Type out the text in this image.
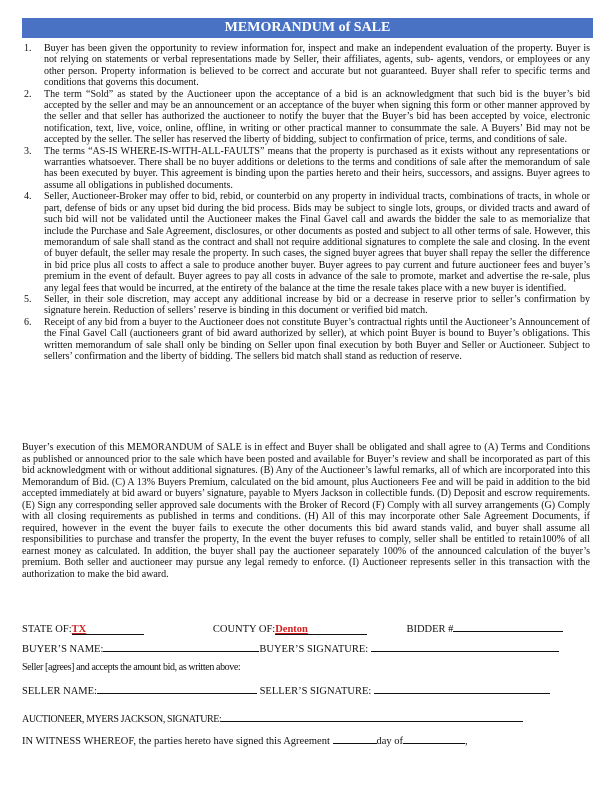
MEMORANDUM of SALE
1.	Buyer has been given the opportunity to review information for, inspect and make an independent evaluation of the property. Buyer is not relying on statements or verbal representations made by Seller, their affiliates, agents, sub- agents, vendors, or employees or any other person. Property information is believed to be correct and accurate but not guaranteed. Buyer shall refer to specific terms and conditions that governs this document.
2.	The term “Sold” as stated by the Auctioneer upon the acceptance of a bid is an acknowledgment that such bid is the buyer’s bid accepted by the seller and may be an announcement or an acceptance of the buyer when signing this form or other manner approved by the seller and that seller has authorized the auctioneer to notify the buyer that the Buyer’s bid has been accepted by voice, electronic notification, text, live, voice, online, offline, in writing or other practical manner to consummate the sale. A Buyers’ Bid may not be accepted by the seller. The seller has reserved the liberty of bidding, subject to confirmation of price, terms, and conditions of sale.
3.	The terms “AS-IS WHERE-IS-WITH-ALL-FAULTS” means that the property is purchased as it exists without any representations or warranties whatsoever. There shall be no buyer additions or deletions to the terms and conditions of sale after the memorandum of sale has been executed by buyer. This agreement is binding upon the parties hereto and their heirs, successors, and assigns. Buyer agrees to assume all obligations in published documents.
4.	Seller, Auctioneer-Broker may offer to bid, rebid, or counterbid on any property in individual tracts, combinations of tracts, in whole or part, defense of bids or any upset bid during the bid process. Bids may be subject to single lots, groups, or divided tracts and award of such bid will not be validated until the Auctioneer makes the Final Gavel call and awards the bidder the sale to as memorialize that include the Purchase and Sale Agreement, disclosures, or other documents as posted and subject to all other terms of sale. However, this memorandum of sale shall stand as the contract and shall not require additional signatures to complete the sale and closing. In the event of buyer default, the seller may resale the property. In such cases, the signed buyer agrees that buyer shall repay the seller the difference in bid price plus all costs to affect a sale to produce another buyer. Buyer agrees to pay current and future auctioneer fees and buyer’s premium in the event of default. Buyer agrees to pay all costs in advance of the sale to promote, market and advertise the re-sale, plus any legal fees that would be incurred, at the entirety of the balance at the time the resale takes place with a new buyer is identified.
5.	Seller, in their sole discretion, may accept any additional increase by bid or a decrease in reserve prior to seller’s confirmation by signature herein. Reduction of sellers’ reserve is binding in this document or verified bid match.
6.	Receipt of any bid from a buyer to the Auctioneer does not constitute Buyer’s contractual rights until the Auctioneer’s Announcement of the Final Gavel Call (auctioneers grant of bid award authorized by seller), at which point Buyer is bound to Buyer’s obligations. This written memorandum of sale shall only be binding on Seller upon final execution by both Buyer and Seller or Auctioneer. Subject to sellers’ confirmation and the liberty of bidding. The sellers bid match shall stand as reduction of reserve.
Buyer’s execution of this MEMORANDUM of SALE is in effect and Buyer shall be obligated and shall agree to (A) Terms and Conditions as published or announced prior to the sale which have been posted and available for Buyer’s review and shall be incorporated as part of this bid acknowledgment with or without additional signatures. (B) Any of the Auctioneer’s lawful remarks, all of which are incorporated into this Memorandum of Bid. (C) A 13% Buyers Premium, calculated on the bid amount, plus Auctioneers Fee and will be paid in addition to the bid accepted immediately at bid award or buyers’ signature, payable to Myers Jackson in collectible funds. (D) Deposit and escrow requirements. (E) Sign any corresponding seller approved sale documents with the Broker of Record (F) Comply with all survey arrangements (G) Comply with all closing requirements as published in terms and conditions. (H) All of this may incorporate other Sale Agreement Documents, if required, however in the event the buyer fails to execute the other documents this bid award stands valid, and buyer shall assume all responsibilities to purchase and transfer the property, In the event the buyer refuses to comply, seller shall be entitled to retain100% of all earnest money as calculated. In addition, the buyer shall pay the auctioneer separately 100% of the announced calculation of the buyer’s premium. Both seller and auctioneer may pursue any legal remedy to enforce. (I) Auctioneer represents seller in this transaction with the authorization to make the bid award.
STATE OF:TX	COUNTY OF:Denton	BIDDER #
BUYER’S NAME:	BUYER’S SIGNATURE:
Seller [agrees] and accepts the amount bid, as written above:
SELLER NAME:	SELLER’S SIGNATURE:
AUCTIONEER, MYERS JACKSON, SIGNATURE:
IN WITNESS WHEREOF, the parties hereto have signed this Agreement	day of	,
